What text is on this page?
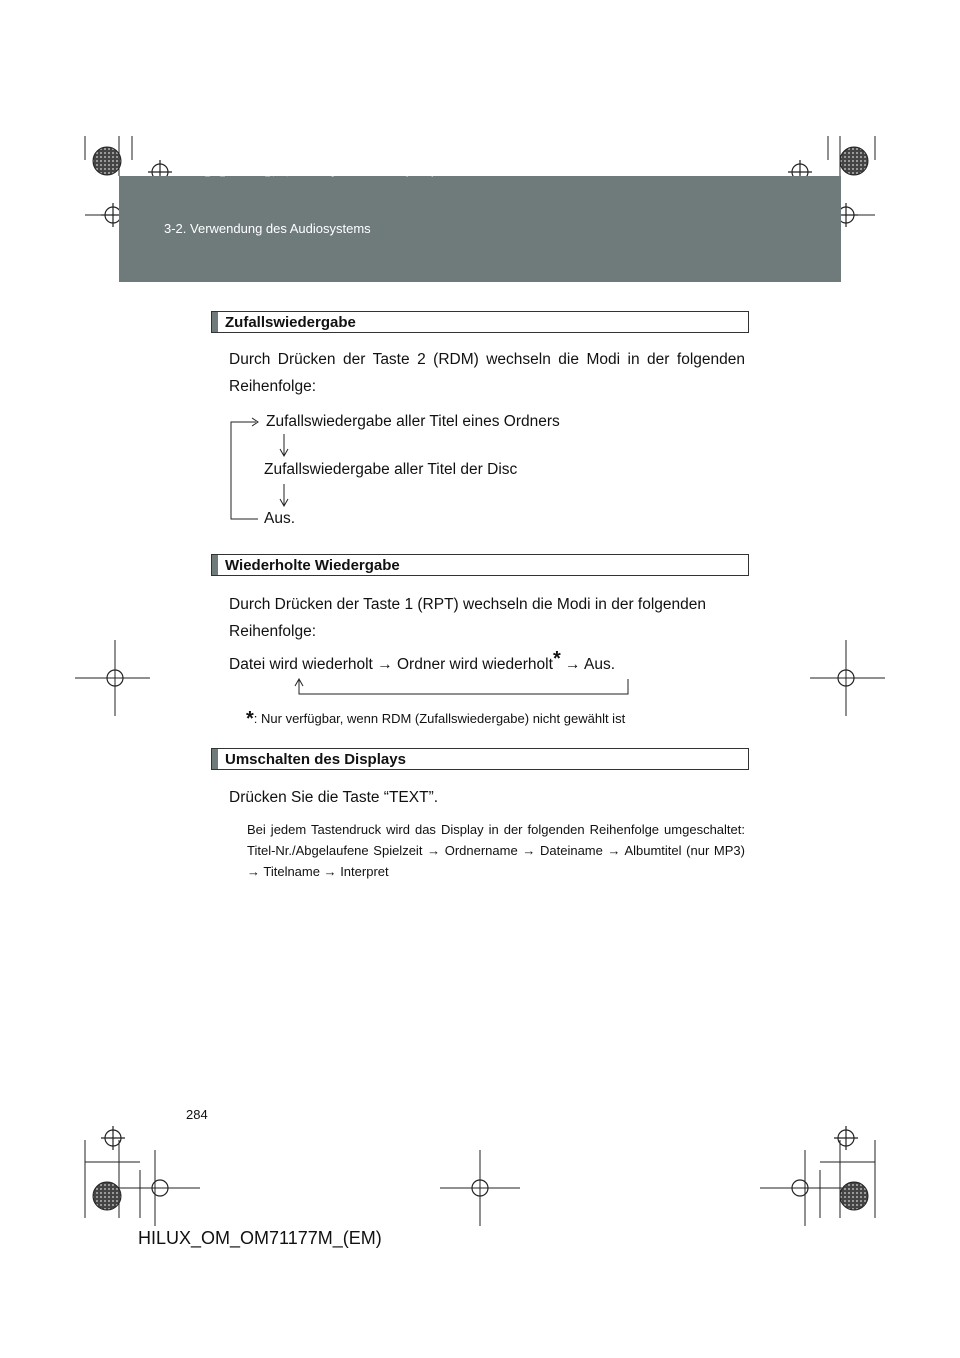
HILUX_OM_OM71177M_(EM).book Page 284 Wednesday, May 16, 2012 1:28 PM
3-2. Verwendung des Audiosystems
Zufallswiedergabe
Durch Drücken der Taste 2 (RDM) wechseln die Modi in der folgenden Reihenfolge:
Zufallswiedergabe aller Titel eines Ordners
Zufallswiedergabe aller Titel der Disc
Aus.
Wiederholte Wiedergabe
Durch Drücken der Taste 1 (RPT) wechseln die Modi in der folgenden Reihenfolge:
Datei wird wiederholt → Ordner wird wiederholt* → Aus.
*: Nur verfügbar, wenn RDM (Zufallswiedergabe) nicht gewählt ist
Umschalten des Displays
Drücken Sie die Taste “TEXT”.
Bei jedem Tastendruck wird das Display in der folgenden Reihenfolge umgeschaltet: Titel-Nr./Abgelaufene Spielzeit → Ordnername → Dateiname → Albumtitel (nur MP3) → Titelname → Interpret
284
HILUX_OM_OM71177M_(EM)
